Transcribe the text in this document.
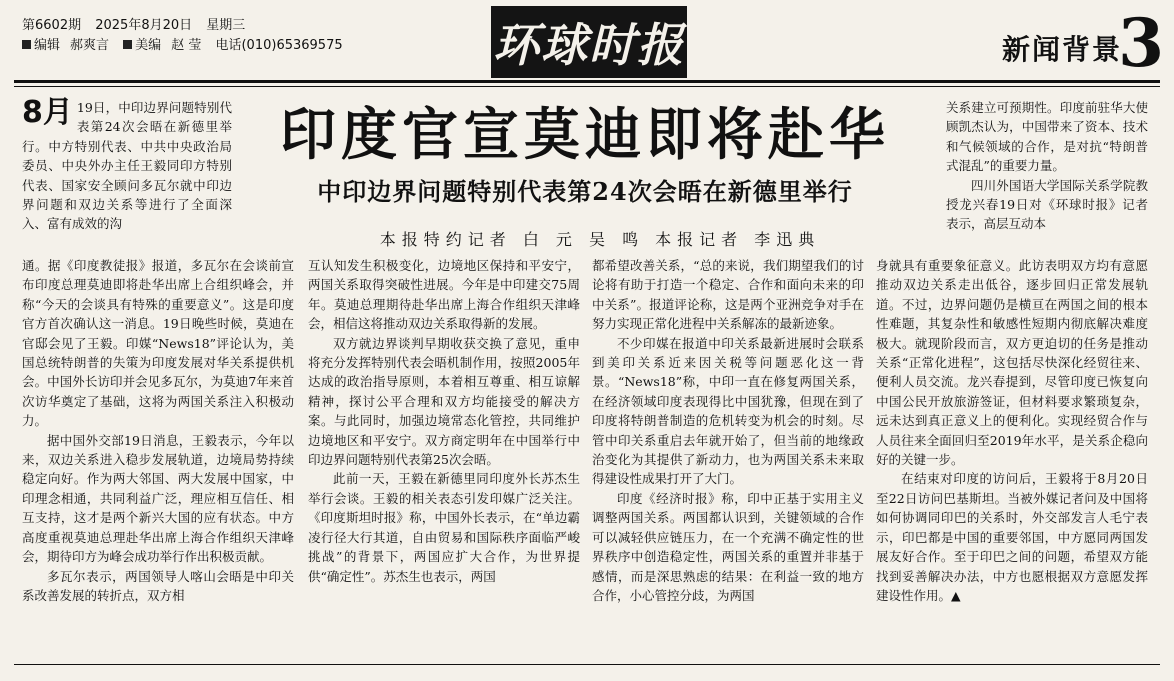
第6602期 2025年8月20日 星期三
编辑 郝爽言 美编 赵 莹 电话(010)65369575	环球时报	新闻背景
3
印度官宣莫迪即将赴华
中印边界问题特别代表第24次会晤在新德里举行
本报特约记者 白 元 吴 鸣 本报记者 李迅典

8月 19日，中印边界问题特别代表第24次会晤在新德里举行。中方特别代表、中共中央政治局委员、中央外办主任王毅同印方特别代表、国家安全顾问多瓦尔就中印边界问题和双边关系等进行了全面深入、富有成效的沟

通。据《印度教徒报》报道，多瓦尔在会谈前宣布印度总理莫迪即将赴华出席上合组织峰会，并称“今天的会谈具有特殊的重要意义”。这是印度官方首次确认这一消息。19日晚些时候，莫迪在官邸会见了王毅。印媒“News18”评论认为，美国总统特朗普的失策为印度发展对华关系提供机会。中国外长访印并会见多瓦尔，为莫迪7年来首次访华奠定了基础，这将为两国关系注入积极动力。

据中国外交部19日消息，王毅表示，今年以来，双边关系进入稳步发展轨道，边境局势持续稳定向好。作为两大邻国、两大发展中国家，中印理念相通，共同利益广泛，理应相互信任、相互支持，这才是两个新兴大国的应有状态。中方高度重视莫迪总理赴华出席上海合作组织天津峰会，期待印方为峰会成功举行作出积极贡献。

多瓦尔表示，两国领导人喀山会晤是中印关系改善发展的转折点，双方相

互认知发生积极变化，边境地区保持和平安宁，两国关系取得突破性进展。今年是中印建交75周年。莫迪总理期待赴华出席上海合作组织天津峰会，相信这将推动双边关系取得新的发展。

双方就边界谈判早期收获交换了意见，重申将充分发挥特别代表会晤机制作用，按照2005年达成的政治指导原则，本着相互尊重、相互谅解精神，探讨公平合理和双方均能接受的解决方案。与此同时，加强边境常态化管控，共同维护边境地区和平安宁。双方商定明年在中国举行中印边界问题特别代表第25次会晤。

此前一天，王毅在新德里同印度外长苏杰生举行会谈。王毅的相关表态引发印媒广泛关注。《印度斯坦时报》称，中国外长表示，在“单边霸凌行径大行其道，自由贸易和国际秩序面临严峻挑战”的背景下，两国应扩大合作，为世界提供“确定性”。苏杰生也表示，两国

都希望改善关系，“总的来说，我们期望我们的讨论将有助于打造一个稳定、合作和面向未来的印中关系”。报道评论称，这是两个亚洲竞争对手在努力实现正常化进程中关系解冻的最新迹象。

不少印媒在报道中印关系最新进展时会联系到美印关系近来因关税等问题恶化这一背景。“News18”称，中印一直在修复两国关系，在经济领域印度表现得比中国犹豫，但现在到了印度将特朗普制造的危机转变为机会的时刻。尽管中印关系重启去年就开始了，但当前的地缘政治变化为其提供了新动力，也为两国关系未来取得建设性成果打开了大门。

印度《经济时报》称，印中正基于实用主义调整两国关系。两国都认识到，关键领域的合作可以减轻供应链压力，在一个充满不确定性的世界秩序中创造稳定性，两国关系的重置并非基于感情，而是深思熟虑的结果：在利益一致的地方合作，小心管控分歧，为两国

关系建立可预期性。印度前驻华大使顾凯杰认为，中国带来了资本、技术和气候领域的合作，是对抗“特朗普式混乱”的重要力量。

四川外国语大学国际关系学院教授龙兴春19日对《环球时报》记者表示，高层互动本

身就具有重要象征意义。此访表明双方均有意愿推动双边关系走出低谷，逐步回归正常发展轨道。不过，边界问题仍是横亘在两国之间的根本性难题，其复杂性和敏感性短期内彻底解决难度极大。就现阶段而言，双方更迫切的任务是推动关系“正常化进程”，这包括尽快深化经贸往来、便利人员交流。龙兴春提到，尽管印度已恢复向中国公民开放旅游签证，但材料要求繁琐复杂，远未达到真正意义上的便利化。实现经贸合作与人员往来全面回归至2019年水平，是关系企稳向好的关键一步。

在结束对印度的访问后，王毅将于8月20日至22日访问巴基斯坦。当被外媒记者问及中国将如何协调同印巴的关系时，外交部发言人毛宁表示，印巴都是中国的重要邻国，中方愿同两国发展友好合作。至于印巴之间的问题，希望双方能找到妥善解决办法，中方也愿根据双方意愿发挥建设性作用。▲
